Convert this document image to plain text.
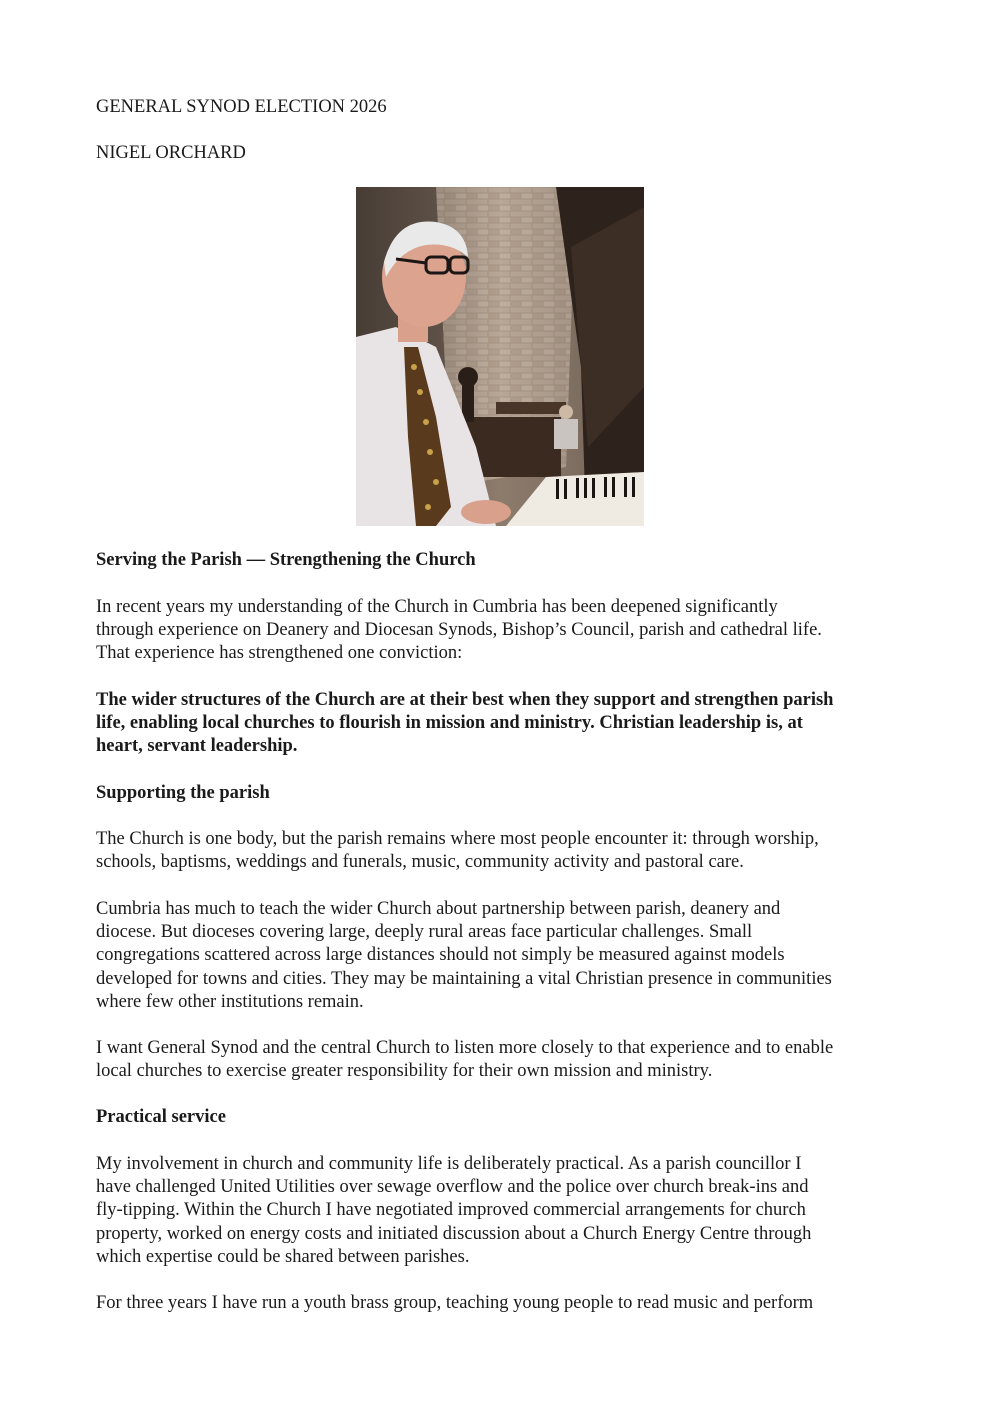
GENERAL SYNOD ELECTION 2026
NIGEL ORCHARD
Serving the Parish — Strengthening the Church
In recent years my understanding of the Church in Cumbria has been deepened significantly
through experience on Deanery and Diocesan Synods, Bishop’s Council, parish and cathedral life.
That experience has strengthened one conviction:
The wider structures of the Church are at their best when they support and strengthen parish
life, enabling local churches to flourish in mission and ministry. Christian leadership is, at
heart, servant leadership.
Supporting the parish
The Church is one body, but the parish remains where most people encounter it: through worship,
schools, baptisms, weddings and funerals, music, community activity and pastoral care.
Cumbria has much to teach the wider Church about partnership between parish, deanery and
diocese. But dioceses covering large, deeply rural areas face particular challenges. Small
congregations scattered across large distances should not simply be measured against models
developed for towns and cities. They may be maintaining a vital Christian presence in communities
where few other institutions remain.
I want General Synod and the central Church to listen more closely to that experience and to enable
local churches to exercise greater responsibility for their own mission and ministry.
Practical service
My involvement in church and community life is deliberately practical. As a parish councillor I
have challenged United Utilities over sewage overflow and the police over church break-ins and
fly-tipping. Within the Church I have negotiated improved commercial arrangements for church
property, worked on energy costs and initiated discussion about a Church Energy Centre through
which expertise could be shared between parishes.
For three years I have run a youth brass group, teaching young people to read music and perform
